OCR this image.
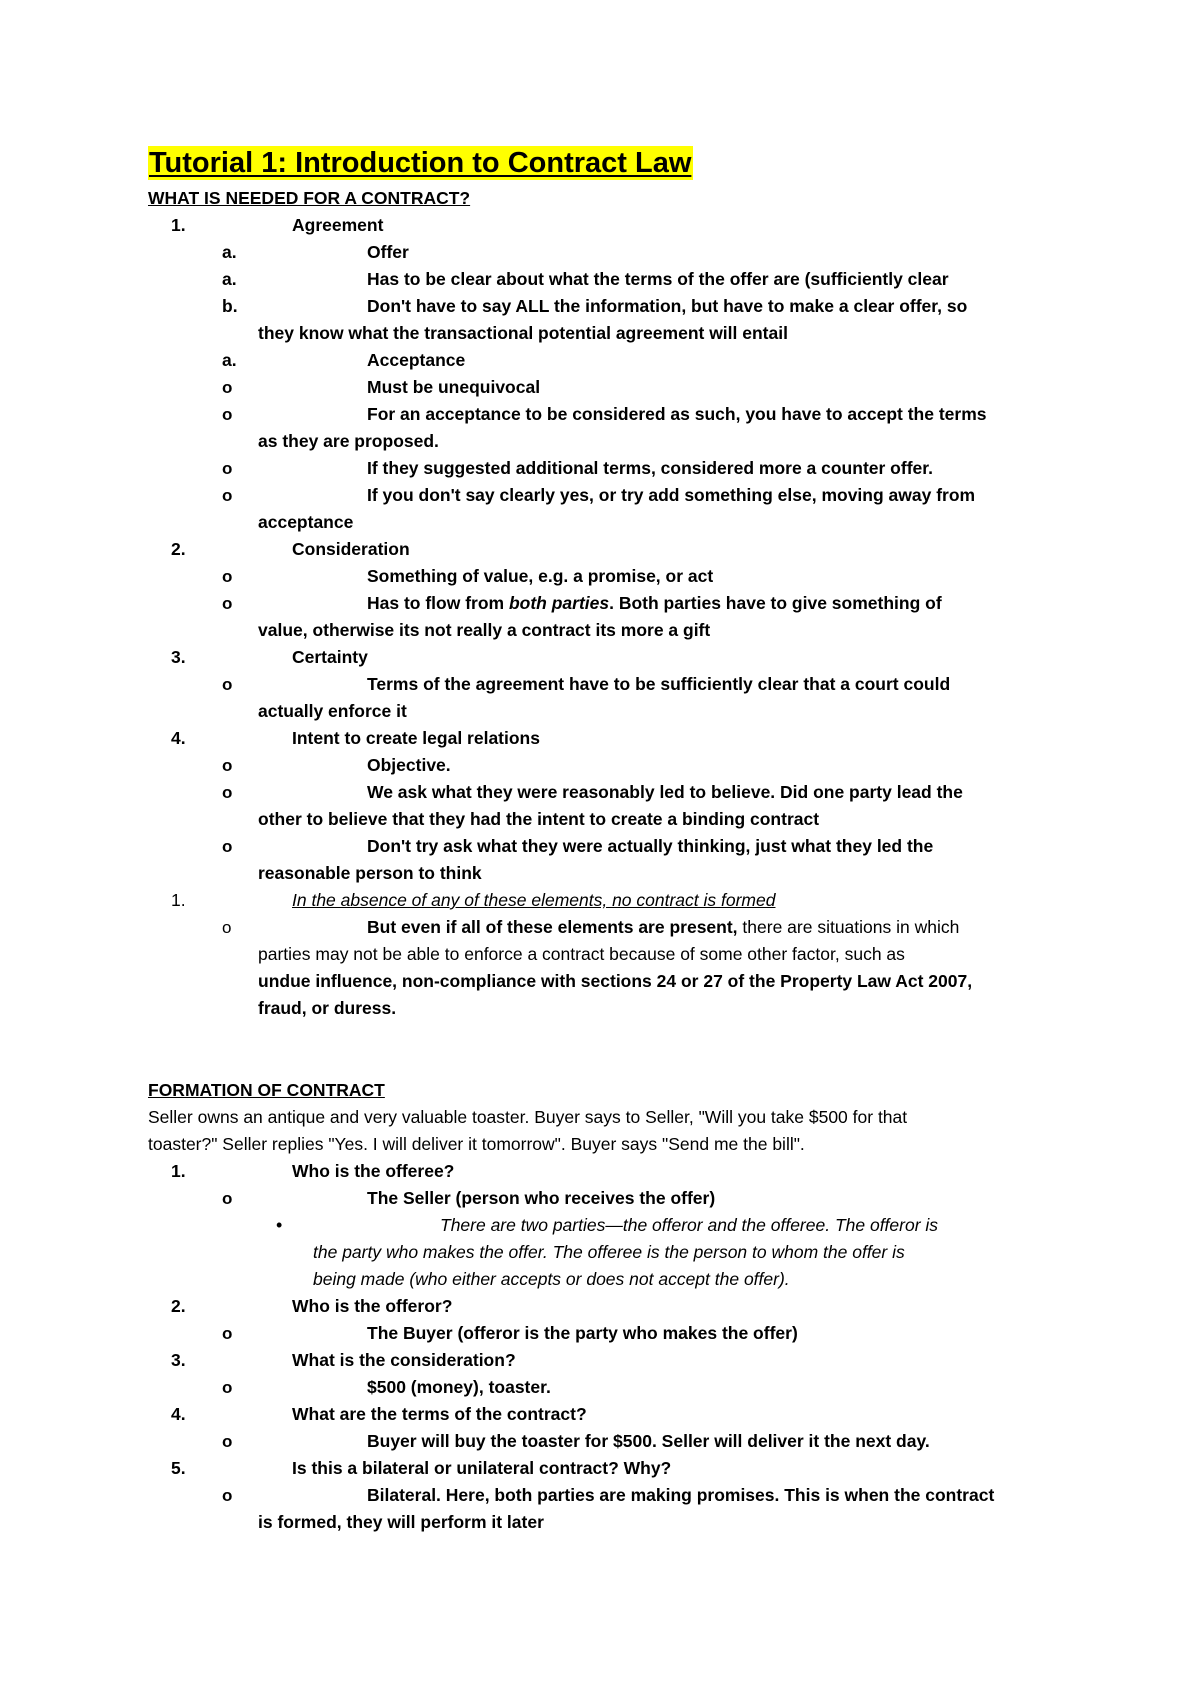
Tutorial 1: Introduction to Contract Law
WHAT IS NEEDED FOR A CONTRACT?
1.	Agreement
a.	Offer
a.	Has to be clear about what the terms of the offer are (sufficiently clear
b.	Don't have to say ALL the information, but have to make a clear offer, so
they know what the transactional potential agreement will entail
a.	Acceptance
o	Must be unequivocal
o	For an acceptance to be considered as such, you have to accept the terms
as they are proposed.
o	If they suggested additional terms, considered more a counter offer.
o	If you don't say clearly yes, or try add something else, moving away from
acceptance
2.	Consideration
o	Something of value, e.g. a promise, or act
o	Has to flow from both parties. Both parties have to give something of
value, otherwise its not really a contract its more a gift
3.	Certainty
o	Terms of the agreement have to be sufficiently clear that a court could
actually enforce it
4.	Intent to create legal relations
o	Objective.
o	We ask what they were reasonably led to believe. Did one party lead the
other to believe that they had the intent to create a binding contract
o	Don't try ask what they were actually thinking, just what they led the
reasonable person to think
1.	In the absence of any of these elements, no contract is formed
o	But even if all of these elements are present, there are situations in which
parties may not be able to enforce a contract because of some other factor, such as
undue influence, non-compliance with sections 24 or 27 of the Property Law Act 2007,
fraud, or duress.
FORMATION OF CONTRACT

Seller owns an antique and very valuable toaster. Buyer says to Seller, "Will you take $500 for that

toaster?" Seller replies "Yes. I will deliver it tomorrow". Buyer says "Send me the bill".

1.	Who is the offeree?
o	The Seller (person who receives the offer)
•	There are two parties—the offeror and the offeree. The offeror is
the party who makes the offer. The offeree is the person to whom the offer is
being made (who either accepts or does not accept the offer).
2.	Who is the offeror?
o	The Buyer (offeror is the party who makes the offer)
3.	What is the consideration?
o	$500 (money), toaster.
4.	What are the terms of the contract?
o	Buyer will buy the toaster for $500. Seller will deliver it the next day.
5.	Is this a bilateral or unilateral contract? Why?
o	Bilateral. Here, both parties are making promises. This is when the contract
is formed, they will perform it later
